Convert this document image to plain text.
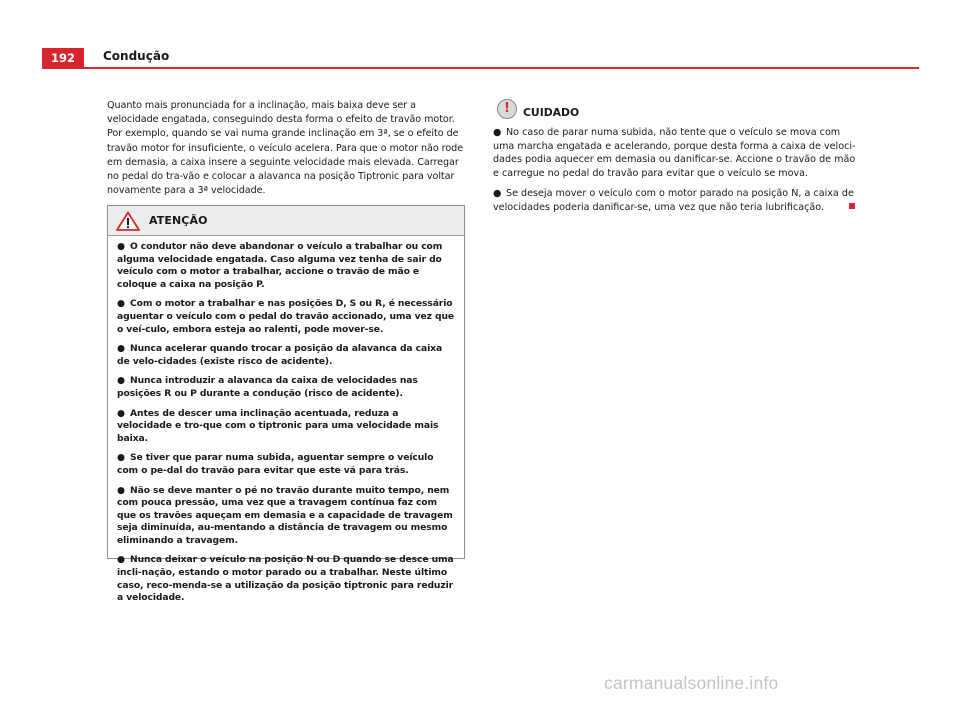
192	Condução

Quanto mais pronunciada for a inclinação, mais baixa deve ser a velocidade engatada, conseguindo desta forma o efeito de travão motor. Por exemplo, quando se vai numa grande inclinação em 3ª, se o efeito de travão motor for insuficiente, o veículo acelera. Para que o motor não rode em demasia, a caixa insere a seguinte velocidade mais elevada. Carregar no pedal do tra-vão e colocar a alavanca na posição Tiptronic para voltar novamente para a 3ª velocidade.

ATENÇÃO

● O condutor não deve abandonar o veículo a trabalhar ou com alguma velocidade engatada. Caso alguma vez tenha de sair do veículo com o motor a trabalhar, accione o travão de mão e coloque a caixa na posição P.

● Com o motor a trabalhar e nas posições D, S ou R, é necessário aguentar o veículo com o pedal do travão accionado, uma vez que o veí-culo, embora esteja ao ralenti, pode mover-se.

● Nunca acelerar quando trocar a posição da alavanca da caixa de velo-cidades (existe risco de acidente).

● Nunca introduzir a alavanca da caixa de velocidades nas posições R ou P durante a condução (risco de acidente).

● Antes de descer uma inclinação acentuada, reduza a velocidade e tro-que com o tiptronic para uma velocidade mais baixa.

● Se tiver que parar numa subida, aguentar sempre o veículo com o pe-dal do travão para evitar que este vá para trás.

● Não se deve manter o pé no travão durante muito tempo, nem com pouca pressão, uma vez que a travagem contínua faz com que os travões aqueçam em demasia e a capacidade de travagem seja diminuída, au-mentando a distância de travagem ou mesmo eliminando a travagem.

● Nunca deixar o veículo na posição N ou D quando se desce uma incli-nação, estando o motor parado ou a trabalhar. Neste último caso, reco-menda-se a utilização da posição tiptronic para reduzir a velocidade.

!	CUIDADO

● No caso de parar numa subida, não tente que o veículo se mova com uma marcha engatada e acelerando, porque desta forma a caixa de veloci-dades podia aquecer em demasia ou danificar-se. Accione o travão de mão e carregue no pedal do travão para evitar que o veículo se mova.

● Se deseja mover o veículo com o motor parado na posição N, a caixa de velocidades poderia danificar-se, uma vez que não teria lubrificação.

carmanualsonline.info
